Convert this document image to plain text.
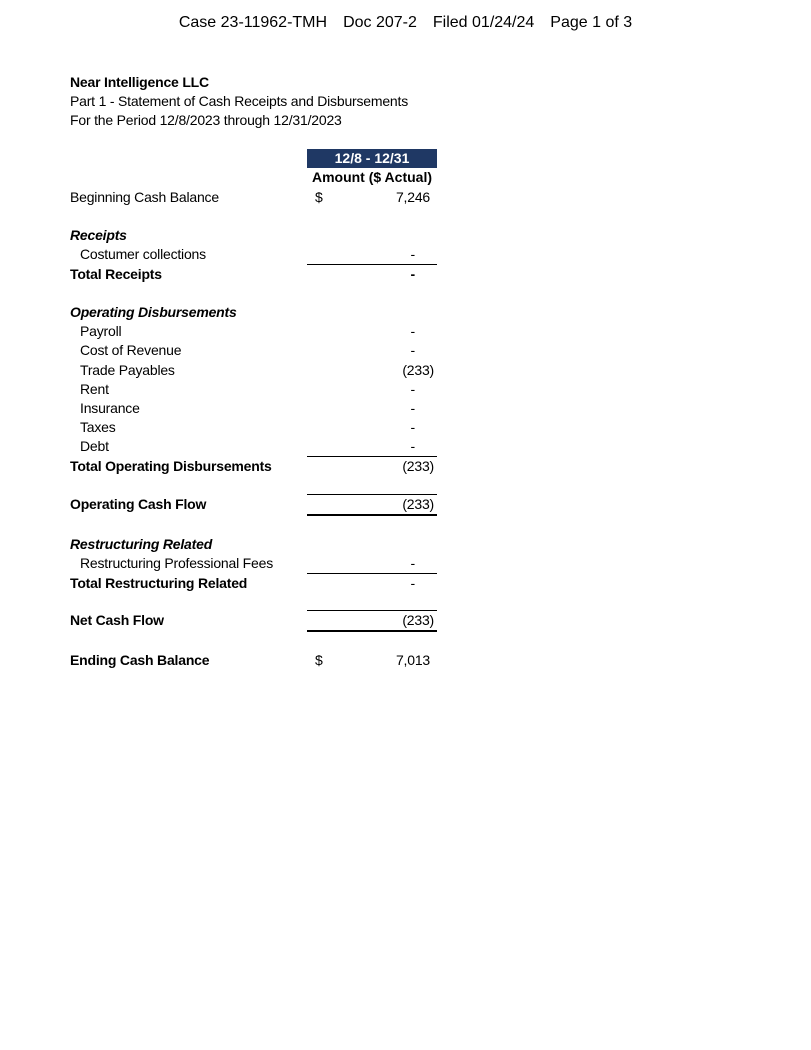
Case 23-11962-TMH Doc 207-2 Filed 01/24/24 Page 1 of 3
Near Intelligence LLC
Part 1 - Statement of Cash Receipts and Disbursements
For the Period 12/8/2023 through 12/31/2023
12/8 - 12/31
Amount ($ Actual)
Beginning Cash Balance	$	7,246
Receipts
Costumer collections	-
Total Receipts	-
Operating Disbursements
Payroll	-
Cost of Revenue	-
Trade Payables	(233)
Rent	-
Insurance	-
Taxes	-
Debt	-
Total Operating Disbursements	(233)
Operating Cash Flow	(233)
Restructuring Related
Restructuring Professional Fees	-
Total Restructuring Related	-
Net Cash Flow	(233)
Ending Cash Balance	$	7,013
